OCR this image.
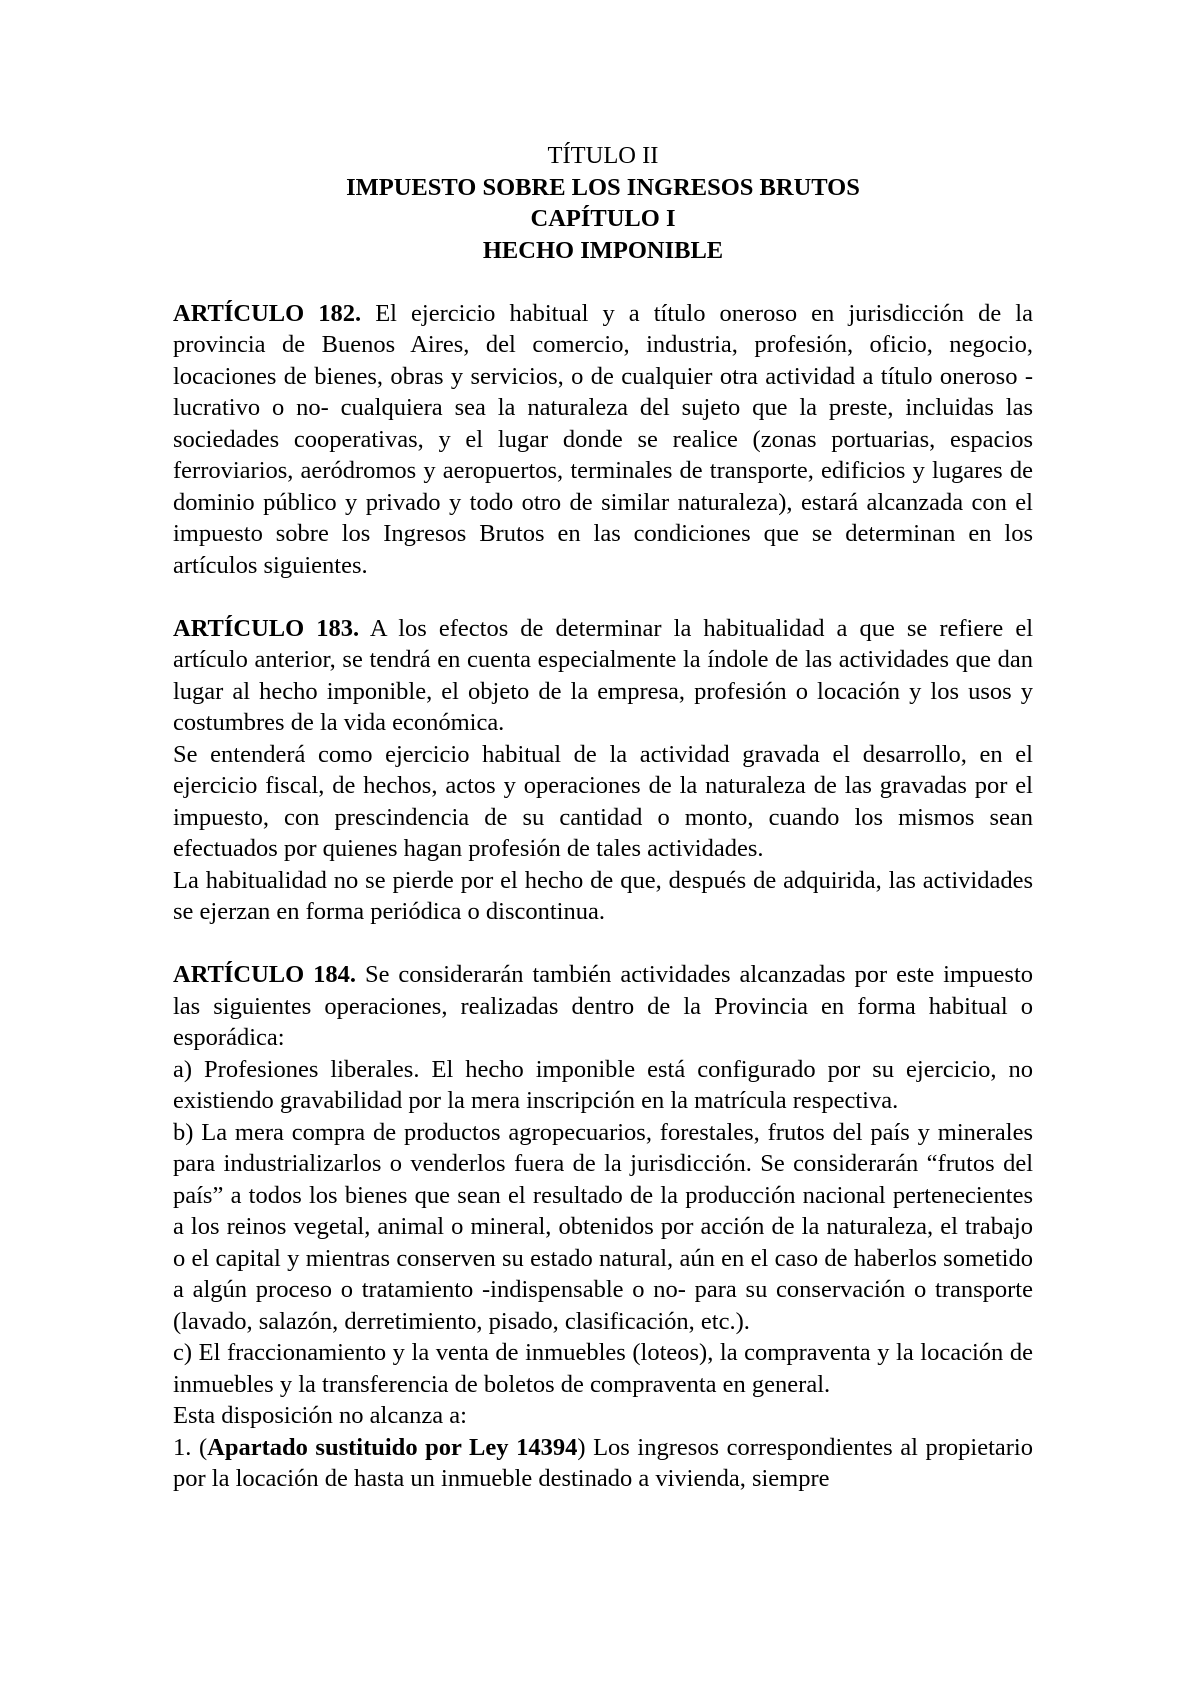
TÍTULO II
IMPUESTO SOBRE LOS INGRESOS BRUTOS
CAPÍTULO I
HECHO IMPONIBLE

ARTÍCULO 182. El ejercicio habitual y a título oneroso en jurisdicción de la provincia de Buenos Aires, del comercio, industria, profesión, oficio, negocio, locaciones de bienes, obras y servicios, o de cualquier otra actividad a título oneroso -lucrativo o no- cualquiera sea la naturaleza del sujeto que la preste, incluidas las sociedades cooperativas, y el lugar donde se realice (zonas portuarias, espacios ferroviarios, aeródromos y aeropuertos, terminales de transporte, edificios y lugares de dominio público y privado y todo otro de similar naturaleza), estará alcanzada con el impuesto sobre los Ingresos Brutos en las condiciones que se determinan en los artículos siguientes.

ARTÍCULO 183. A los efectos de determinar la habitualidad a que se refiere el artículo anterior, se tendrá en cuenta especialmente la índole de las actividades que dan lugar al hecho imponible, el objeto de la empresa, profesión o locación y los usos y costumbres de la vida económica.

Se entenderá como ejercicio habitual de la actividad gravada el desarrollo, en el ejercicio fiscal, de hechos, actos y operaciones de la naturaleza de las gravadas por el impuesto, con prescindencia de su cantidad o monto, cuando los mismos sean efectuados por quienes hagan profesión de tales actividades.

La habitualidad no se pierde por el hecho de que, después de adquirida, las actividades se ejerzan en forma periódica o discontinua.

ARTÍCULO 184. Se considerarán también actividades alcanzadas por este impuesto las siguientes operaciones, realizadas dentro de la Provincia en forma habitual o esporádica:

a) Profesiones liberales. El hecho imponible está configurado por su ejercicio, no existiendo gravabilidad por la mera inscripción en la matrícula respectiva.

b) La mera compra de productos agropecuarios, forestales, frutos del país y minerales para industrializarlos o venderlos fuera de la jurisdicción. Se considerarán “frutos del país” a todos los bienes que sean el resultado de la producción nacional pertenecientes a los reinos vegetal, animal o mineral, obtenidos por acción de la naturaleza, el trabajo o el capital y mientras conserven su estado natural, aún en el caso de haberlos sometido a algún proceso o tratamiento -indispensable o no- para su conservación o transporte (lavado, salazón, derretimiento, pisado, clasificación, etc.).

c) El fraccionamiento y la venta de inmuebles (loteos), la compraventa y la locación de inmuebles y la transferencia de boletos de compraventa en general.

Esta disposición no alcanza a:

1. (Apartado sustituido por Ley 14394) Los ingresos correspondientes al propietario por la locación de hasta un inmueble destinado a vivienda, siempre
